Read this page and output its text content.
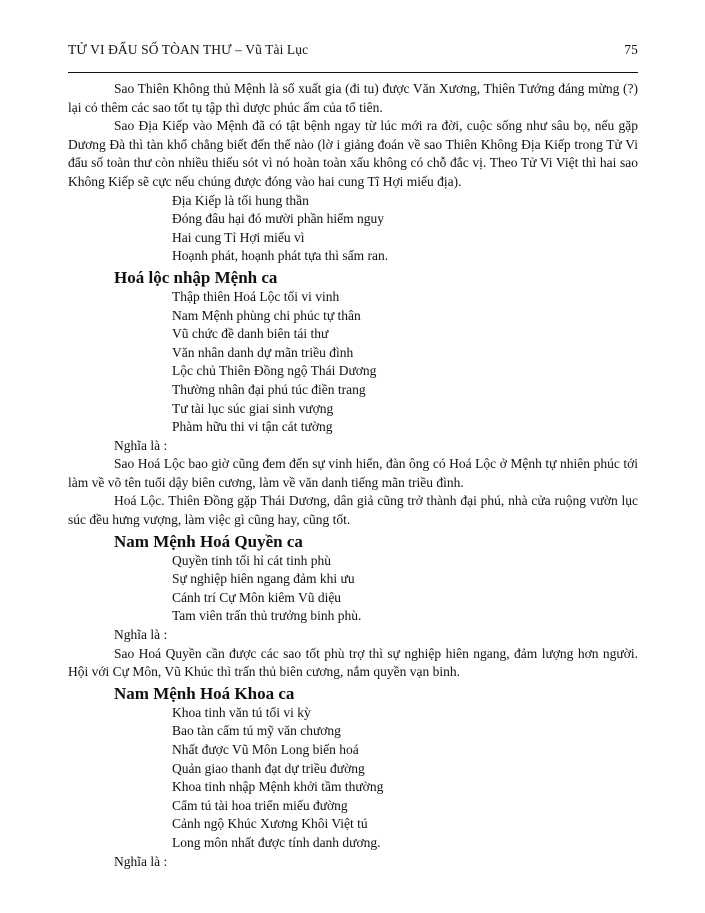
TỬ VI ĐẨU SỐ TÒAN THƯ – Vũ Tài Lục	75

Sao Thiên Không thủ Mệnh là số xuất gia (đi tu) được Văn Xương, Thiên Tướng đáng mừng (?) lại có thêm các sao tốt tụ tập thì dược phúc ấm của tổ tiên.

Sao Địa Kiếp vào Mệnh đã có tật bệnh ngay từ lúc mới ra đời, cuộc sống như sâu bọ, nếu gặp Dương Đà thì tàn khổ chẳng biết đến thế nào (lờ i giảng đoán về sao Thiên Không Địa Kiếp trong Tử Vi đẩu số toàn thư còn nhiều thiếu sót vì nó hoàn toàn xấu không có chỗ đắc vị. Theo Tử Vi Việt thì hai sao Không Kiếp sẽ cực nếu chúng được đóng vào hai cung Tî Hợi miếu địa).

Địa Kiếp là tối hung thần
Đóng đâu hại đó mười phần hiểm nguy
Hai cung Tỉ Hợi miếu vì
Hoạnh phát, hoạnh phát tựa thì sấm ran.
Hoá lộc nhập Mệnh ca
Thập thiên Hoá Lộc tối vi vinh
Nam Mệnh phùng chi phúc tự thân
Vũ chức đề danh biên tái thư
Văn nhân danh dự mãn triều đình
Lộc chủ Thiên Đồng ngộ Thái Dương
Thường nhân đại phú túc điền trang
Tư tài lục súc giai sinh vượng
Phàm hữu thi vi tận cát tường

Nghĩa là :

Sao Hoá Lộc bao giờ cũng đem đến sự vinh hiển, đàn ông có Hoá Lộc ở Mệnh tự nhiên phúc tới làm về võ tên tuổi dậy biên cương, làm về văn danh tiếng mãn triều đình.

Hoá Lộc. Thiên Đồng gặp Thái Dương, dân giả cũng trở thành đại phú, nhà cửa ruộng vườn lục súc đều hưng vượng, làm việc gì cũng hay, cũng tốt.

Nam Mệnh Hoá Quyền ca
Quyền tinh tối hỉ cát tinh phù
Sự nghiệp hiên ngang đảm khi ưu
Cánh trí Cự Môn kiêm Vũ diệu
Tam viên trấn thủ trưởng binh phù.

Nghĩa là :

Sao Hoá Quyền cần được các sao tốt phù trợ thì sự nghiệp hiên ngang, đảm lượng hơn người. Hội với Cự Môn, Vũ Khúc thì trấn thủ biên cương, nắm quyền vạn binh.

Nam Mệnh Hoá Khoa ca
Khoa tinh văn tú tối vi kỳ
Bao tàn cẩm tú mỹ văn chương
Nhất được Vũ Môn Long biến hoá
Quản giao thanh đạt dự triều đường
Khoa tinh nhập Mệnh khởi tầm thường
Cẩm tú tài hoa triển miếu đường
Cảnh ngộ Khúc Xương Khôi Việt tú
Long môn nhất được tính danh dương.

Nghĩa là :
